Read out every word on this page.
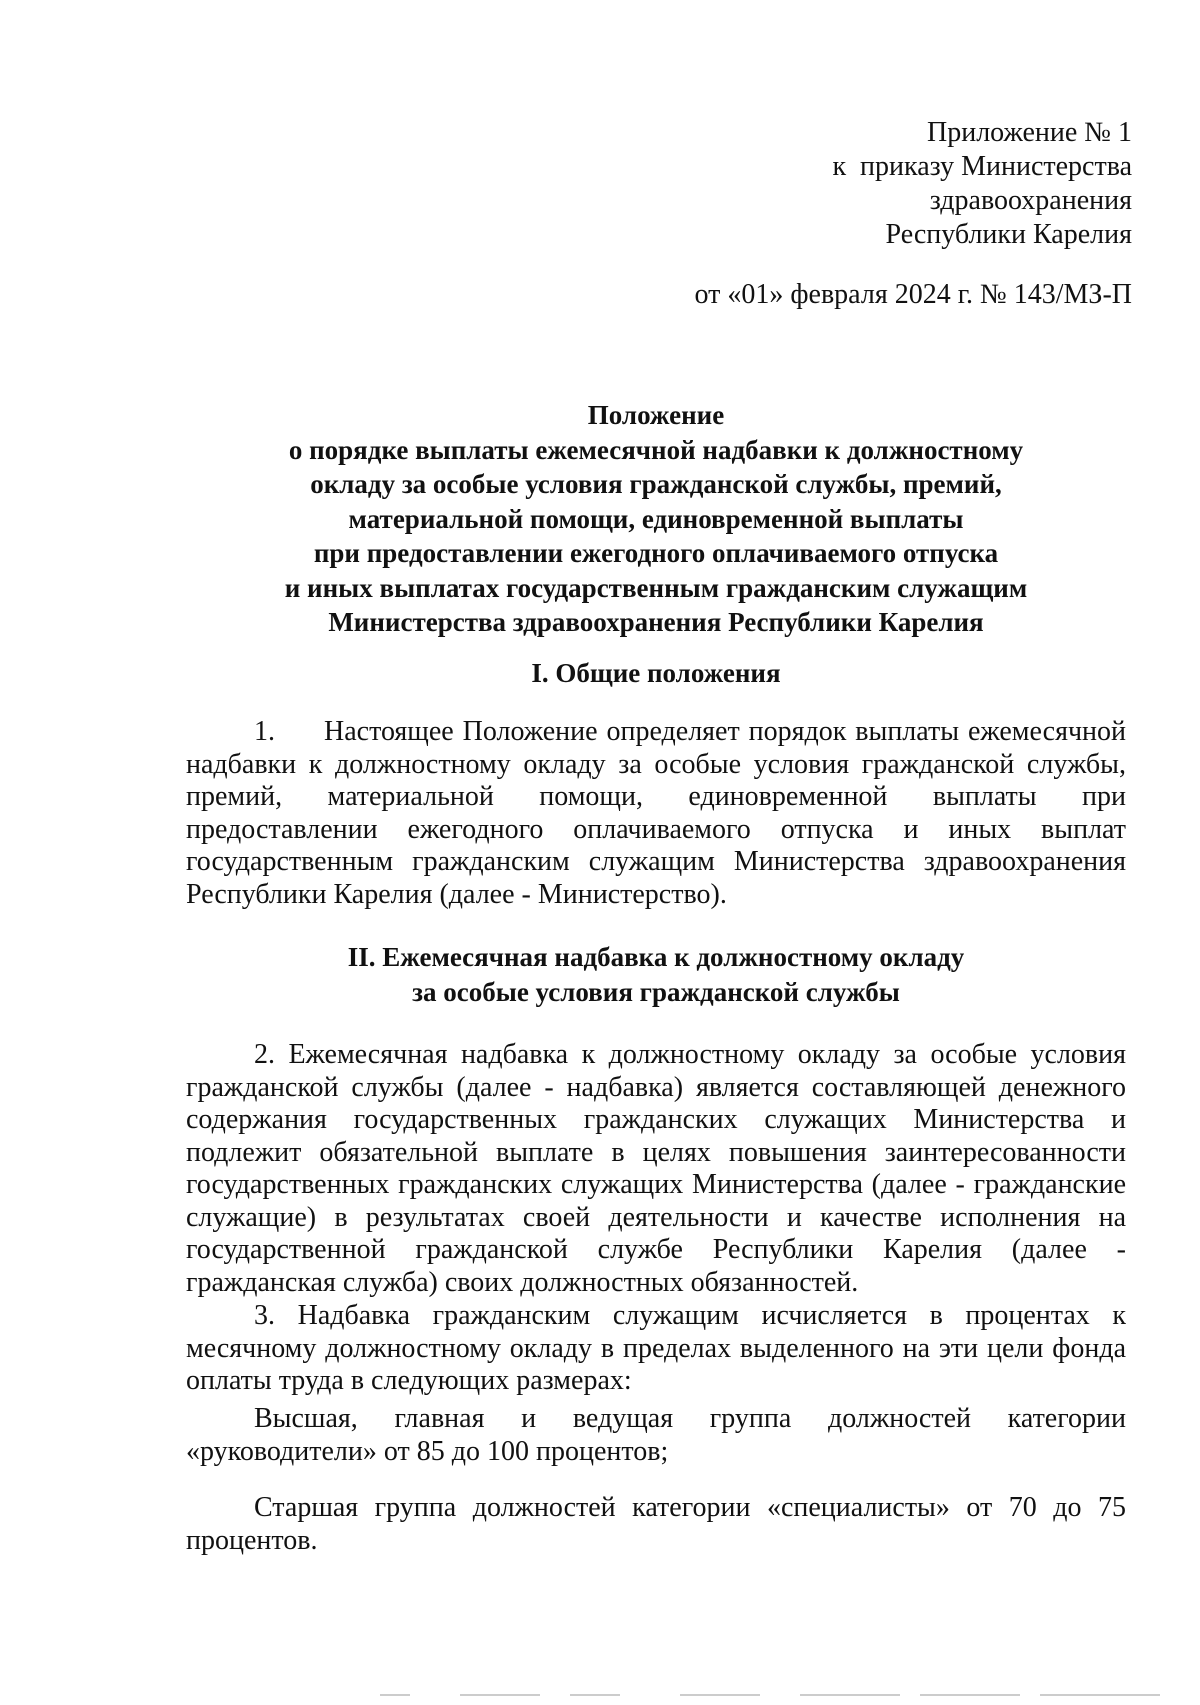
Приложение № 1
к  приказу Министерства
здравоохранения
Республики Карелия
от «01» февраля 2024 г. № 143/МЗ-П
Положение
о порядке выплаты ежемесячной надбавки к должностному
окладу за особые условия гражданской службы, премий,
материальной помощи, единовременной выплаты
при предоставлении ежегодного оплачиваемого отпуска
и иных выплатах государственным гражданским служащим
Министерства здравоохранения Республики Карелия
I. Общие положения
1. Настоящее Положение определяет порядок выплаты ежемесячной надбавки к должностному окладу за особые условия гражданской службы, премий, материальной помощи, единовременной выплаты при предоставлении ежегодного оплачиваемого отпуска и иных выплат государственным гражданским служащим Министерства здравоохранения Республики Карелия (далее - Министерство).
II. Ежемесячная надбавка к должностному окладу
за особые условия гражданской службы
2. Ежемесячная надбавка к должностному окладу за особые условия гражданской службы (далее - надбавка) является составляющей денежного содержания государственных гражданских служащих Министерства и подлежит обязательной выплате в целях повышения заинтересованности государственных гражданских служащих Министерства (далее - гражданские служащие) в результатах своей деятельности и качестве исполнения на государственной гражданской службе Республики Карелия (далее - гражданская служба) своих должностных обязанностей.
3. Надбавка гражданским служащим исчисляется в процентах к месячному должностному окладу в пределах выделенного на эти цели фонда оплаты труда в следующих размерах:
Высшая, главная и ведущая группа должностей категории «руководители» от 85 до 100 процентов;
Старшая группа должностей категории «специалисты» от 70 до 75 процентов.
